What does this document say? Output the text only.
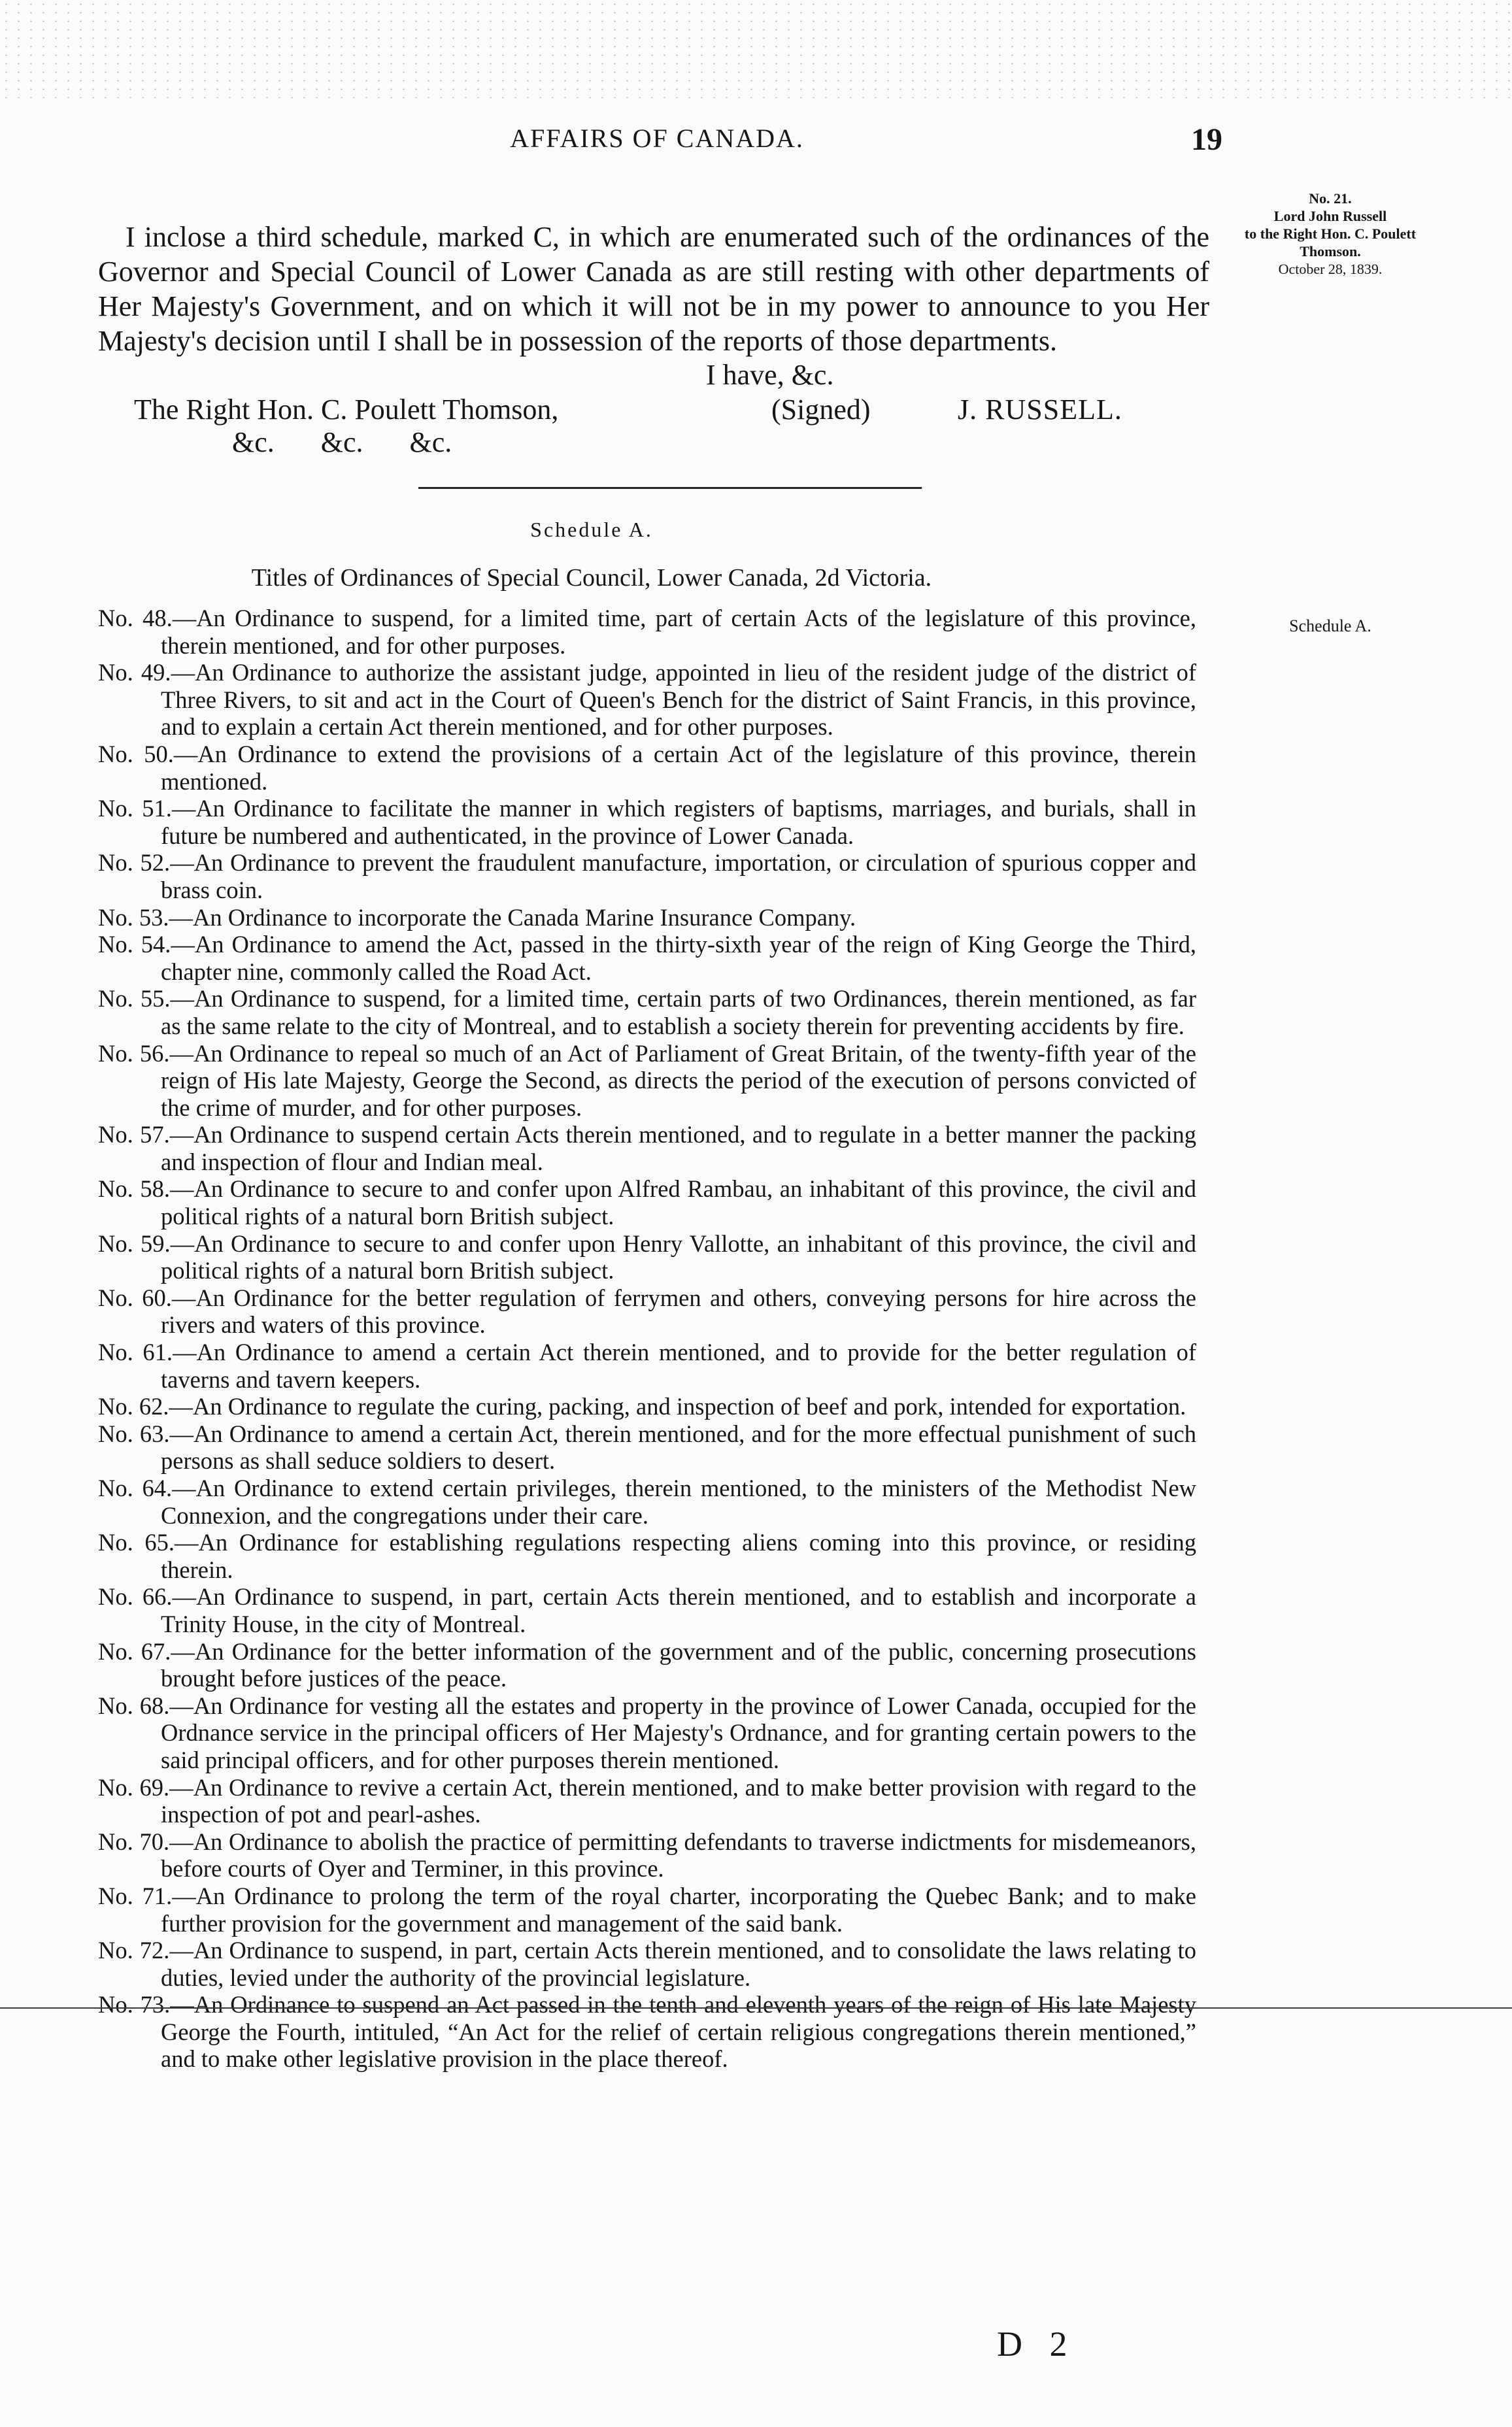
AFFAIRS OF CANADA.	19
No. 21.
Lord John Russell
to the Right Hon. C. Poulett Thomson.
October 28, 1839.
Schedule A.

I inclose a third schedule, marked C, in which are enumerated such of the ordinances of the Governor and Special Council of Lower Canada as are still resting with other departments of Her Majesty's Government, and on which it will not be in my power to announce to you Her Majesty's decision until I shall be in possession of the reports of those departments.

I have, &c.
The Right Hon. C. Poulett Thomson,	(Signed)	J. RUSSELL.
&c. &c. &c.
Schedule A.
Titles of Ordinances of Special Council, Lower Canada, 2d Victoria.
No. 48.—An Ordinance to suspend, for a limited time, part of certain Acts of the legislature of this province, therein mentioned, and for other purposes.
No. 49.—An Ordinance to authorize the assistant judge, appointed in lieu of the resident judge of the district of Three Rivers, to sit and act in the Court of Queen's Bench for the district of Saint Francis, in this province, and to explain a certain Act therein mentioned, and for other purposes.
No. 50.—An Ordinance to extend the provisions of a certain Act of the legislature of this province, therein mentioned.
No. 51.—An Ordinance to facilitate the manner in which registers of baptisms, marriages, and burials, shall in future be numbered and authenticated, in the province of Lower Canada.
No. 52.—An Ordinance to prevent the fraudulent manufacture, importation, or circulation of spurious copper and brass coin.
No. 53.—An Ordinance to incorporate the Canada Marine Insurance Company.
No. 54.—An Ordinance to amend the Act, passed in the thirty-sixth year of the reign of King George the Third, chapter nine, commonly called the Road Act.
No. 55.—An Ordinance to suspend, for a limited time, certain parts of two Ordinances, therein mentioned, as far as the same relate to the city of Montreal, and to establish a society therein for preventing accidents by fire.
No. 56.—An Ordinance to repeal so much of an Act of Parliament of Great Britain, of the twenty-fifth year of the reign of His late Majesty, George the Second, as directs the period of the execution of persons convicted of the crime of murder, and for other purposes.
No. 57.—An Ordinance to suspend certain Acts therein mentioned, and to regulate in a better manner the packing and inspection of flour and Indian meal.
No. 58.—An Ordinance to secure to and confer upon Alfred Rambau, an inhabitant of this province, the civil and political rights of a natural born British subject.
No. 59.—An Ordinance to secure to and confer upon Henry Vallotte, an inhabitant of this province, the civil and political rights of a natural born British subject.
No. 60.—An Ordinance for the better regulation of ferrymen and others, conveying persons for hire across the rivers and waters of this province.
No. 61.—An Ordinance to amend a certain Act therein mentioned, and to provide for the better regulation of taverns and tavern keepers.
No. 62.—An Ordinance to regulate the curing, packing, and inspection of beef and pork, intended for exportation.
No. 63.—An Ordinance to amend a certain Act, therein mentioned, and for the more effectual punishment of such persons as shall seduce soldiers to desert.
No. 64.—An Ordinance to extend certain privileges, therein mentioned, to the ministers of the Methodist New Connexion, and the congregations under their care.
No. 65.—An Ordinance for establishing regulations respecting aliens coming into this province, or residing therein.
No. 66.—An Ordinance to suspend, in part, certain Acts therein mentioned, and to establish and incorporate a Trinity House, in the city of Montreal.
No. 67.—An Ordinance for the better information of the government and of the public, concerning prosecutions brought before justices of the peace.
No. 68.—An Ordinance for vesting all the estates and property in the province of Lower Canada, occupied for the Ordnance service in the principal officers of Her Majesty's Ordnance, and for granting certain powers to the said principal officers, and for other purposes therein mentioned.
No. 69.—An Ordinance to revive a certain Act, therein mentioned, and to make better provision with regard to the inspection of pot and pearl-ashes.
No. 70.—An Ordinance to abolish the practice of permitting defendants to traverse indictments for misdemeanors, before courts of Oyer and Terminer, in this province.
No. 71.—An Ordinance to prolong the term of the royal charter, incorporating the Quebec Bank; and to make further provision for the government and management of the said bank.
No. 72.—An Ordinance to suspend, in part, certain Acts therein mentioned, and to consolidate the laws relating to duties, levied under the authority of the provincial legislature.
No. 73.—An Ordinance to suspend an Act passed in the tenth and eleventh years of the reign of His late Majesty George the Fourth, intituled, “An Act for the relief of certain religious congregations therein mentioned,” and to make other legislative provision in the place thereof.
D 2
